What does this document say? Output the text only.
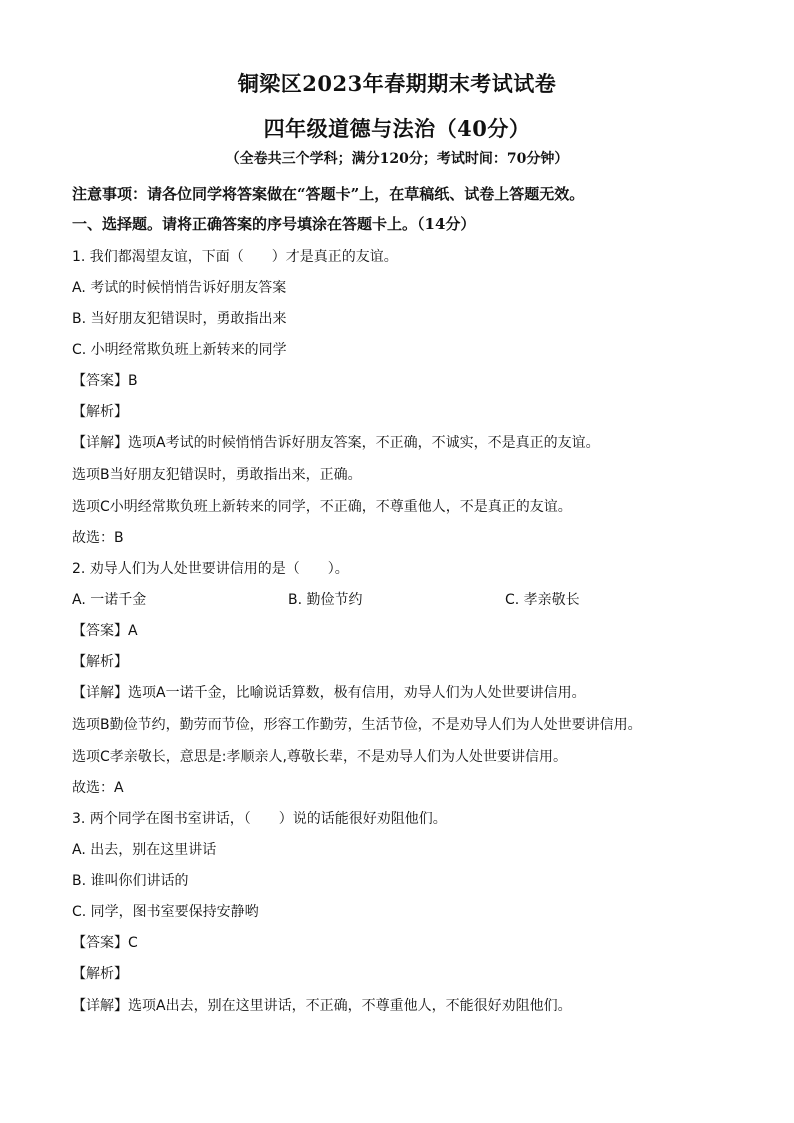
铜梁区2023年春期期末考试试卷
四年级道德与法治（40分）

（全卷共三个学科；满分120分；考试时间：70分钟）

注意事项：请各位同学将答案做在“答题卡”上，在草稿纸、试卷上答题无效。

一、选择题。请将正确答案的序号填涂在答题卡上。（14分）

1. 我们都渴望友谊，下面（　　）才是真正的友谊。

A. 考试的时候悄悄告诉好朋友答案

B. 当好朋友犯错误时，勇敢指出来

C. 小明经常欺负班上新转来的同学

【答案】B

【解析】

【详解】选项A考试的时候悄悄告诉好朋友答案，不正确，不诚实，不是真正的友谊。

选项B当好朋友犯错误时，勇敢指出来，正确。

选项C小明经常欺负班上新转来的同学，不正确，不尊重他人，不是真正的友谊。

故选：B

2. 劝导人们为人处世要讲信用的是（　　）。

A. 一诺千金	B. 勤俭节约	C. 孝亲敬长

【答案】A

【解析】

【详解】选项A一诺千金，比喻说话算数，极有信用，劝导人们为人处世要讲信用。

选项B勤俭节约，勤劳而节俭，形容工作勤劳，生活节俭，不是劝导人们为人处世要讲信用。

选项C孝亲敬长，意思是:孝顺亲人,尊敬长辈，不是劝导人们为人处世要讲信用。

故选：A

3. 两个同学在图书室讲话，（　　）说的话能很好劝阻他们。

A. 出去，别在这里讲话

B. 谁叫你们讲话的

C. 同学，图书室要保持安静哟

【答案】C

【解析】

【详解】选项A出去，别在这里讲话，不正确，不尊重他人，不能很好劝阻他们。
